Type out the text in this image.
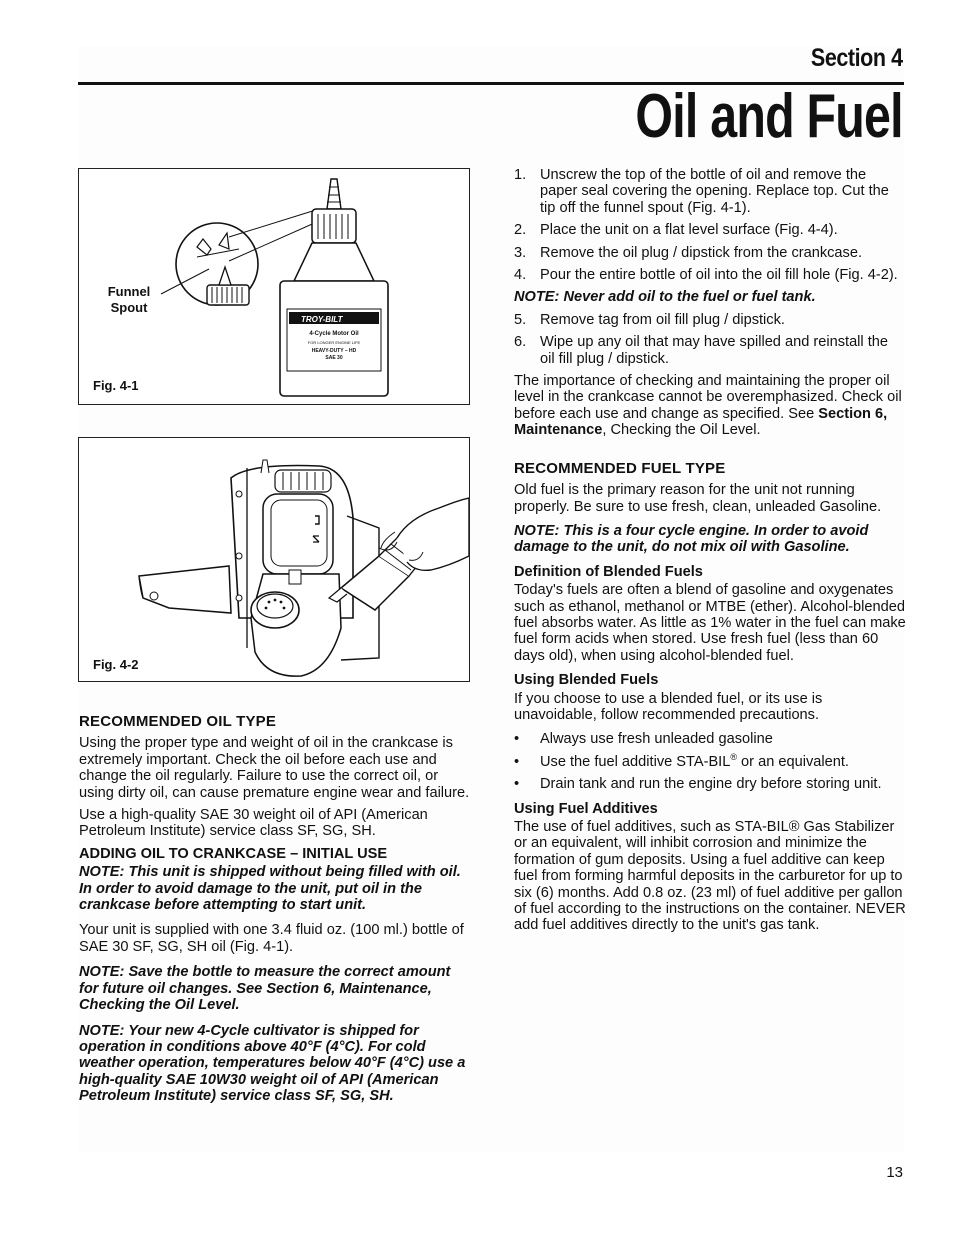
Section 4
Oil and Fuel
TROY-BILT
4-Cycle Motor Oil
FOR LONGER ENGINE LIFE
HEAVY-DUTY – HD
SAE 30
Funnel
Spout
Fig. 4-1
Fig. 4-2
RECOMMENDED OIL TYPE

Using the proper type and weight of oil in the crankcase is extremely important. Check the oil before each use and change the oil regularly. Failure to use the correct oil, or using dirty oil, can cause premature engine wear and failure.

Use a high-quality SAE 30 weight oil of API (American Petroleum Institute) service class SF, SG, SH.

ADDING OIL TO CRANKCASE – INITIAL USE

NOTE: This unit is shipped without being filled with oil. In order to avoid damage to the unit, put oil in the crankcase before attempting to start unit.

Your unit is supplied with one 3.4 fluid oz. (100 ml.) bottle of SAE 30 SF, SG, SH oil (Fig. 4-1).

NOTE: Save the bottle to measure the correct amount for future oil changes. See Section 6, Maintenance, Checking the Oil Level.

NOTE: Your new 4-Cycle cultivator is shipped for operation in conditions above 40°F (4°C). For cold weather operation, temperatures below 40°F (4°C) use a high-quality SAE 10W30 weight oil of API (American Petroleum Institute) service class SF, SG, SH.

1. Unscrew the top of the bottle of oil and remove the paper seal covering the opening. Replace top. Cut the tip off the funnel spout (Fig. 4-1).
2. Place the unit on a flat level surface (Fig. 4-4).
3. Remove the oil plug / dipstick from the crankcase.
4. Pour the entire bottle of oil into the oil fill hole (Fig. 4-2).

NOTE: Never add oil to the fuel or fuel tank.

5. Remove tag from oil fill plug / dipstick.
6. Wipe up any oil that may have spilled and reinstall the oil fill plug / dipstick.

The importance of checking and maintaining the proper oil level in the crankcase cannot be overemphasized. Check oil before each use and change as specified. See Section 6, Maintenance, Checking the Oil Level.

RECOMMENDED FUEL TYPE

Old fuel is the primary reason for the unit not running properly. Be sure to use fresh, clean, unleaded Gasoline.

NOTE: This is a four cycle engine. In order to avoid damage to the unit, do not mix oil with Gasoline.

Definition of Blended Fuels

Today's fuels are often a blend of gasoline and oxygenates such as ethanol, methanol or MTBE (ether). Alcohol-blended fuel absorbs water. As little as 1% water in the fuel can make fuel form acids when stored. Use fresh fuel (less than 60 days old), when using alcohol-blended fuel.

Using Blended Fuels

If you choose to use a blended fuel, or its use is unavoidable, follow recommended precautions.

• Always use fresh unleaded gasoline
• Use the fuel additive STA-BIL® or an equivalent.
• Drain tank and run the engine dry before storing unit.
Using Fuel Additives

The use of fuel additives, such as STA-BIL® Gas Stabilizer or an equivalent, will inhibit corrosion and minimize the formation of gum deposits. Using a fuel additive can keep fuel from forming harmful deposits in the carburetor for up to six (6) months. Add 0.8 oz. (23 ml) of fuel additive per gallon of fuel according to the instructions on the container. NEVER add fuel additives directly to the unit's gas tank.

13
